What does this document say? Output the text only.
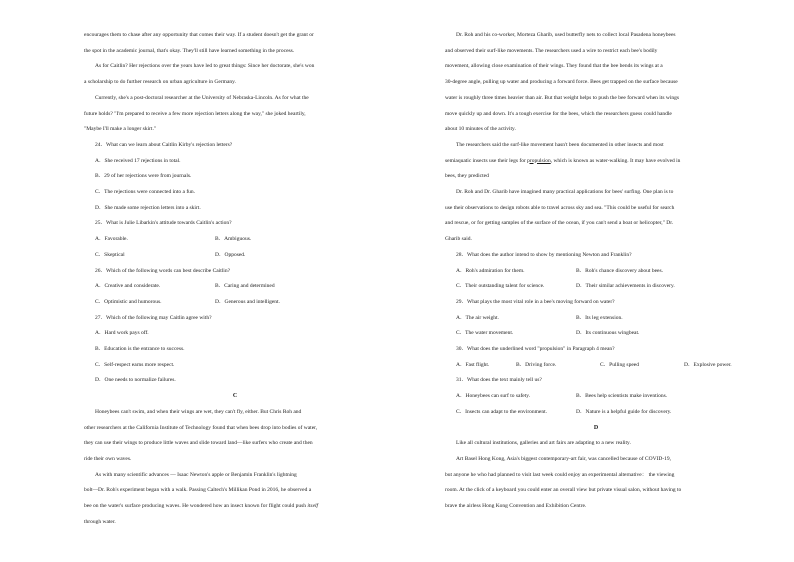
encourages them to chase after any opportunity that comes their way. If a student doesn't get the grant or
the spot in the academic journal, that's okay. They'll still have learned something in the process.
As for Caitlin? Her rejections over the years have led to great things: Since her doctorate, she's won
a scholarship to do further research on urban agriculture in Germany.
Currently, she's a post-doctoral researcher at the University of Nebraska-Lincoln. As for what the
future holds? "I'm prepared to receive a few more rejection letters along the way," she joked heartily,
"Maybe I'll make a longer skirt."
24．What can we learn about Caitlin Kirby's rejection letters?
A．She received 17 rejections in total.
B．29 of her rejections were from journals.
C．The rejections were connected into a fun.
D．She made some rejection letters into a skirt.
25．What is Julie Libarkin's attitude towards Caitlin's action?
A．Favorable.	B．Ambiguous.
C．Skeptical	D．Opposed.
26．Which of the following words can best describe Caitlin?
A．Creative and considerate.	B．Caring and determined
C．Optimistic and humorous.	D．Generous and intelligent.
27．Which of the following may Caitlin agree with?
A．Hard work pays off.
B．Education is the entrance to success.
C．Self-respect earns more respect.
D．One needs to normalize failures.
C
Honeybees can't swim, and when their wings are wet, they can't fly, either. But Chris Roh and
other researchers at the California Institute of Technology found that when bees drop into bodies of water,
they can use their wings to produce little waves and slide toward land—like surfers who create and then
ride their own waves.
As with many scientific advances — Isaac Newton's apple or Benjamin Franklin's lightning
bolt—Dr. Roh's experiment began with a walk. Passing Caltech's Millikan Pond in 2016, he observed a
bee on the water's surface producing waves. He wondered how an insect known for flight could push itself
through water.
Dr. Roh and his co-worker, Morteza Gharib, used butterfly nets to collect local Pasadena honeybees
and observed their surf-like movements. The researchers used a wire to restrict each bee's bodily
movement, allowing close examination of their wings. They found that the bee bends its wings at a
30-degree angle, pulling up water and producing a forward force. Bees get trapped on the surface because
water is roughly three times heavier than air. But that weight helps to push the bee forward when its wings
move quickly up and down. It's a tough exercise for the bees, which the researchers guess could handle
about 10 minutes of the activity.
The researchers said the surf-like movement hasn't been documented in other insects and most
semiaquatic insects use their legs for propulsion, which is known as water-walking. It may have evolved in
bees, they predicted
Dr. Roh and Dr. Gharib have imagined many practical applications for bees' surfing. One plan is to
use their observations to design robots able to travel across sky and sea. "This could be useful for search
and rescue, or for getting samples of the surface of the ocean, if you can't send a boat or helicopter," Dr.
Gharib said.
28．What does the author intend to show by mentioning Newton and Franklin?
A．Roh's admiration for them.	B．Roh's chance discovery about bees.
C．Their outstanding talent for science.	D．Their similar achievements in discovery.
29．What plays the most vital role in a bee's moving forward on water?
A．The air weight.	B．Its leg extension.
C．The water movement.	D．Its continuous wingbeat.
30．What does the underlined word "propulsion" in Paragraph 4 mean?
A．Fast flight.	B．Driving force.	C．Pulling speed	D．Explosive power.
31．What does the text mainly tell us?
A．Honeybees can surf to safety.	B．Bees help scientists make inventions.
C．Insects can adapt to the environment.	D．Nature is a helpful guide for discovery.
D
Like all cultural institutions, galleries and art fairs are adapting to a new reality.
Art Basel Hong Kong, Asia's biggest contemporary-art fair, was cancelled because of COVID-19,
but anyone he who had planned to visit last week could enjoy an experimental alternative： the viewing
room. At the click of a keyboard you could enter an overall view but private visual salon, without having to
brave the airless Hong Kong Convention and Exhibition Centre.
